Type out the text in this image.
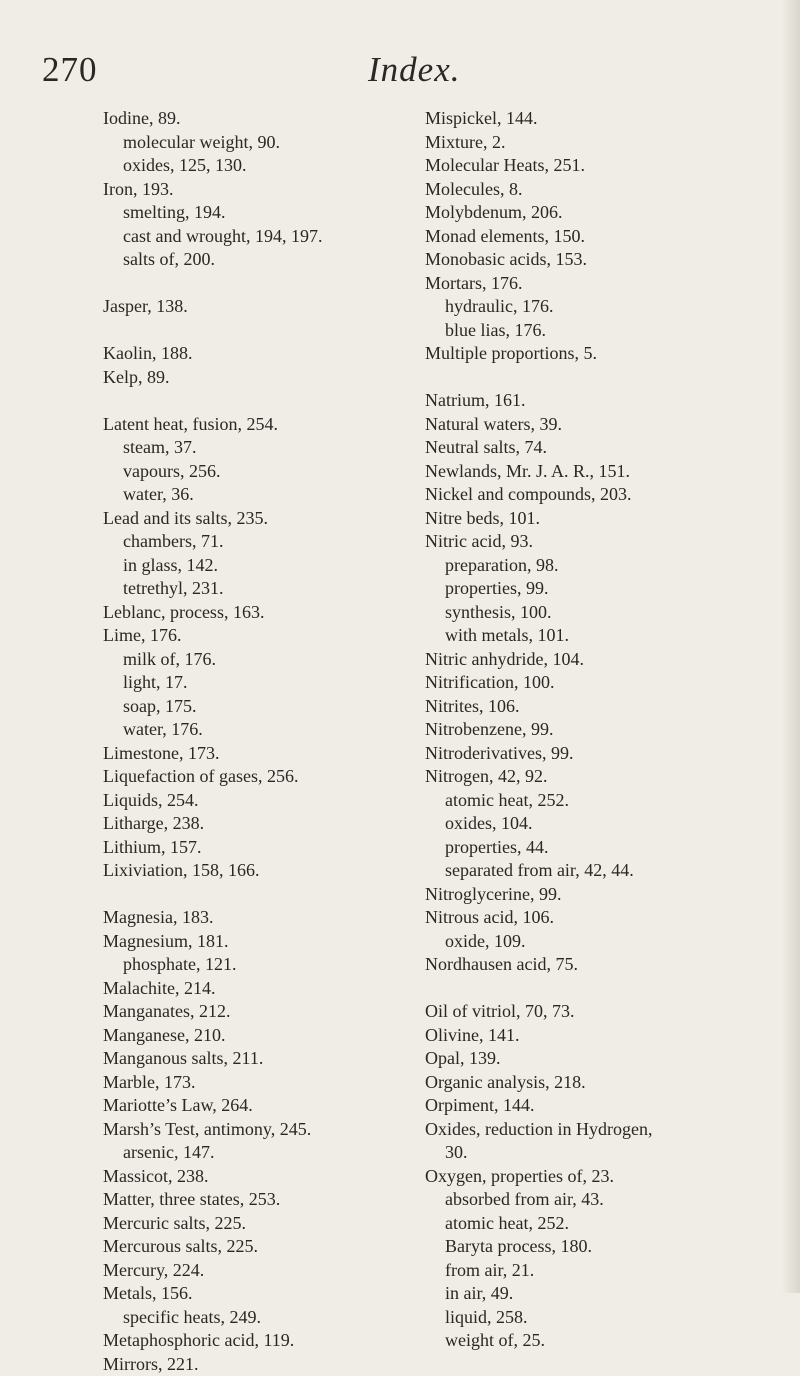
270	Index.
Iodine, 89.
molecular weight, 90.
oxides, 125, 130.
Iron, 193.
smelting, 194.
cast and wrought, 194, 197.
salts of, 200.
Jasper, 138.
Kaolin, 188.
Kelp, 89.
Latent heat, fusion, 254.
steam, 37.
vapours, 256.
water, 36.
Lead and its salts, 235.
chambers, 71.
in glass, 142.
tetrethyl, 231.
Leblanc, process, 163.
Lime, 176.
milk of, 176.
light, 17.
soap, 175.
water, 176.
Limestone, 173.
Liquefaction of gases, 256.
Liquids, 254.
Litharge, 238.
Lithium, 157.
Lixiviation, 158, 166.
Magnesia, 183.
Magnesium, 181.
phosphate, 121.
Malachite, 214.
Manganates, 212.
Manganese, 210.
Manganous salts, 211.
Marble, 173.
Mariotte’s Law, 264.
Marsh’s Test, antimony, 245.
arsenic, 147.
Massicot, 238.
Matter, three states, 253.
Mercuric salts, 225.
Mercurous salts, 225.
Mercury, 224.
Metals, 156.
specific heats, 249.
Metaphosphoric acid, 119.
Mirrors, 221.
Mispickel, 144.
Mixture, 2.
Molecular Heats, 251.
Molecules, 8.
Molybdenum, 206.
Monad elements, 150.
Monobasic acids, 153.
Mortars, 176.
hydraulic, 176.
blue lias, 176.
Multiple proportions, 5.
Natrium, 161.
Natural waters, 39.
Neutral salts, 74.
Newlands, Mr. J. A. R., 151.
Nickel and compounds, 203.
Nitre beds, 101.
Nitric acid, 93.
preparation, 98.
properties, 99.
synthesis, 100.
with metals, 101.
Nitric anhydride, 104.
Nitrification, 100.
Nitrites, 106.
Nitrobenzene, 99.
Nitroderivatives, 99.
Nitrogen, 42, 92.
atomic heat, 252.
oxides, 104.
properties, 44.
separated from air, 42, 44.
Nitroglycerine, 99.
Nitrous acid, 106.
oxide, 109.
Nordhausen acid, 75.
Oil of vitriol, 70, 73.
Olivine, 141.
Opal, 139.
Organic analysis, 218.
Orpiment, 144.
Oxides, reduction in Hydrogen,
30.
Oxygen, properties of, 23.
absorbed from air, 43.
atomic heat, 252.
Baryta process, 180.
from air, 21.
in air, 49.
liquid, 258.
weight of, 25.
